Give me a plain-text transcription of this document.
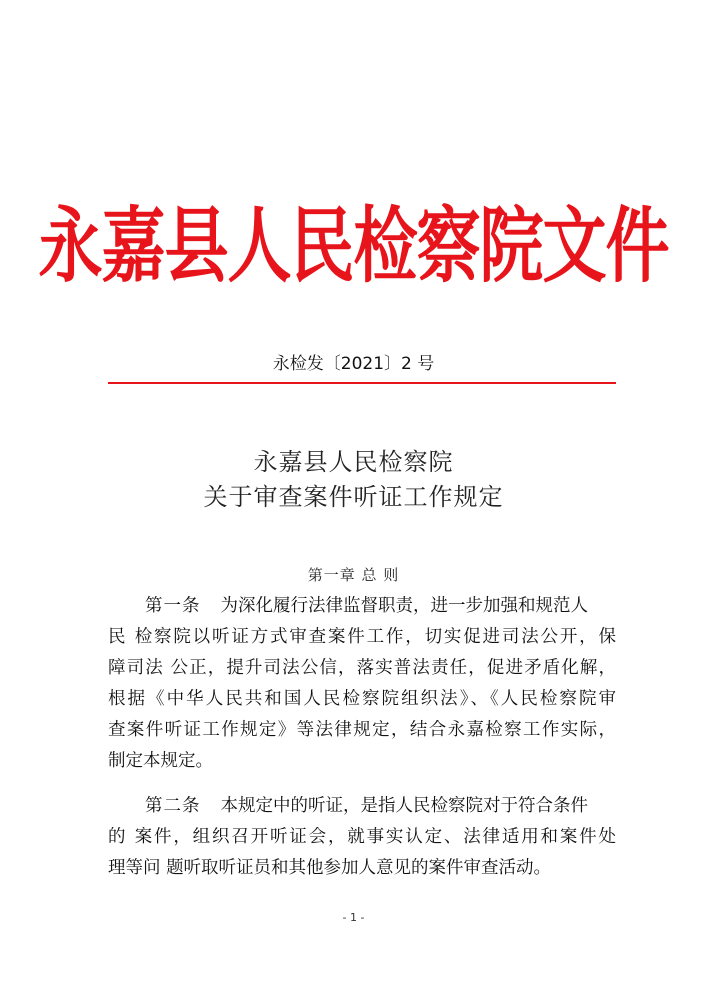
永嘉县人民检察院文件
永检发〔2021〕2 号
永嘉县人民检察院
关于审查案件听证工作规定
第一章 总 则
第一条 为深化履行法律监督职责，进一步加强和规范人
民 检察院以听证方式审查案件工作，切实促进司法公开，保
障司法 公正，提升司法公信，落实普法责任，促进矛盾化解，
根据《中华人民共和国人民检察院组织法》、《人民检察院审
查案件听证工作规定》等法律规定，结合永嘉检察工作实际，
制定本规定。
第二条 本规定中的听证，是指人民检察院对于符合条件
的 案件，组织召开听证会，就事实认定、法律适用和案件处
理等问 题听取听证员和其他参加人意见的案件审查活动。
- 1 -
